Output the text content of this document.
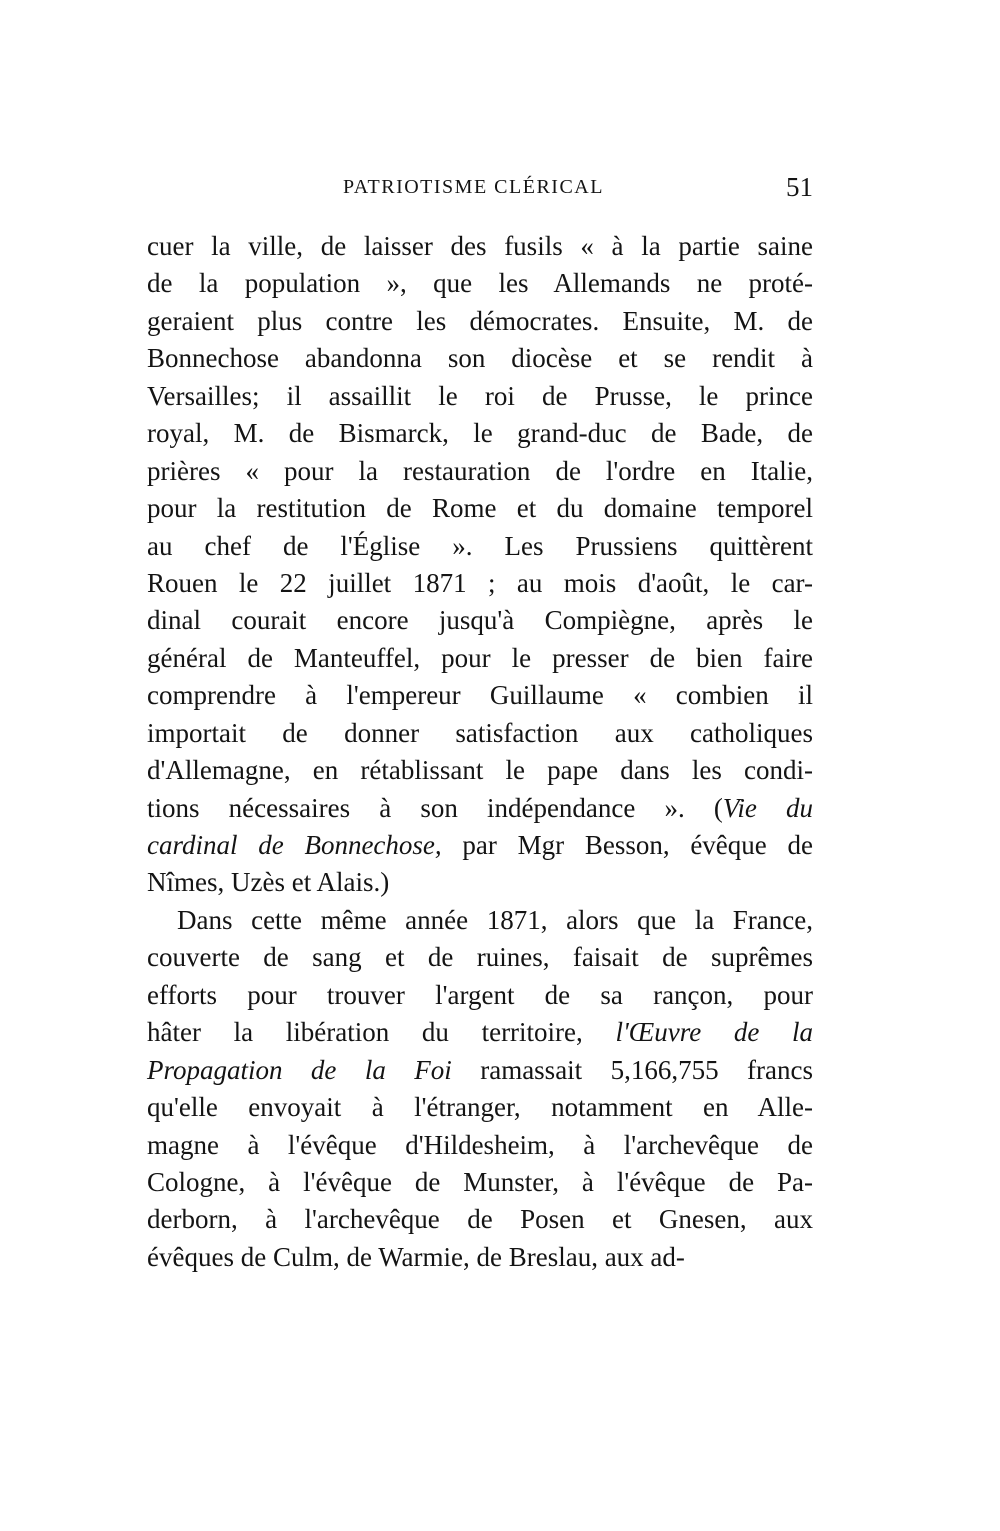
PATRIOTISME CLÉRICAL	51
cuer la ville, de laisser des fusils « à la partie saine
de la population », que les Allemands ne proté-
geraient plus contre les démocrates. Ensuite, M. de
Bonnechose abandonna son diocèse et se rendit à
Versailles; il assaillit le roi de Prusse, le prince
royal, M. de Bismarck, le grand-duc de Bade, de
prières « pour la restauration de l'ordre en Italie,
pour la restitution de Rome et du domaine temporel
au chef de l'Église ». Les Prussiens quittèrent
Rouen le 22 juillet 1871 ; au mois d'août, le car-
dinal courait encore jusqu'à Compiègne, après le
général de Manteuffel, pour le presser de bien faire
comprendre à l'empereur Guillaume « combien il
importait de donner satisfaction aux catholiques
d'Allemagne, en rétablissant le pape dans les condi-
tions nécessaires à son indépendance ». (Vie du
cardinal de Bonnechose, par Mgr Besson, évêque de
Nîmes, Uzès et Alais.)
Dans cette même année 1871, alors que la France,
couverte de sang et de ruines, faisait de suprêmes
efforts pour trouver l'argent de sa rançon, pour
hâter la libération du territoire, l'Œuvre de la
Propagation de la Foi ramassait 5,166,755 francs
qu'elle envoyait à l'étranger, notamment en Alle-
magne à l'évêque d'Hildesheim, à l'archevêque de
Cologne, à l'évêque de Munster, à l'évêque de Pa-
derborn, à l'archevêque de Posen et Gnesen, aux
évêques de Culm, de Warmie, de Breslau, aux ad-
